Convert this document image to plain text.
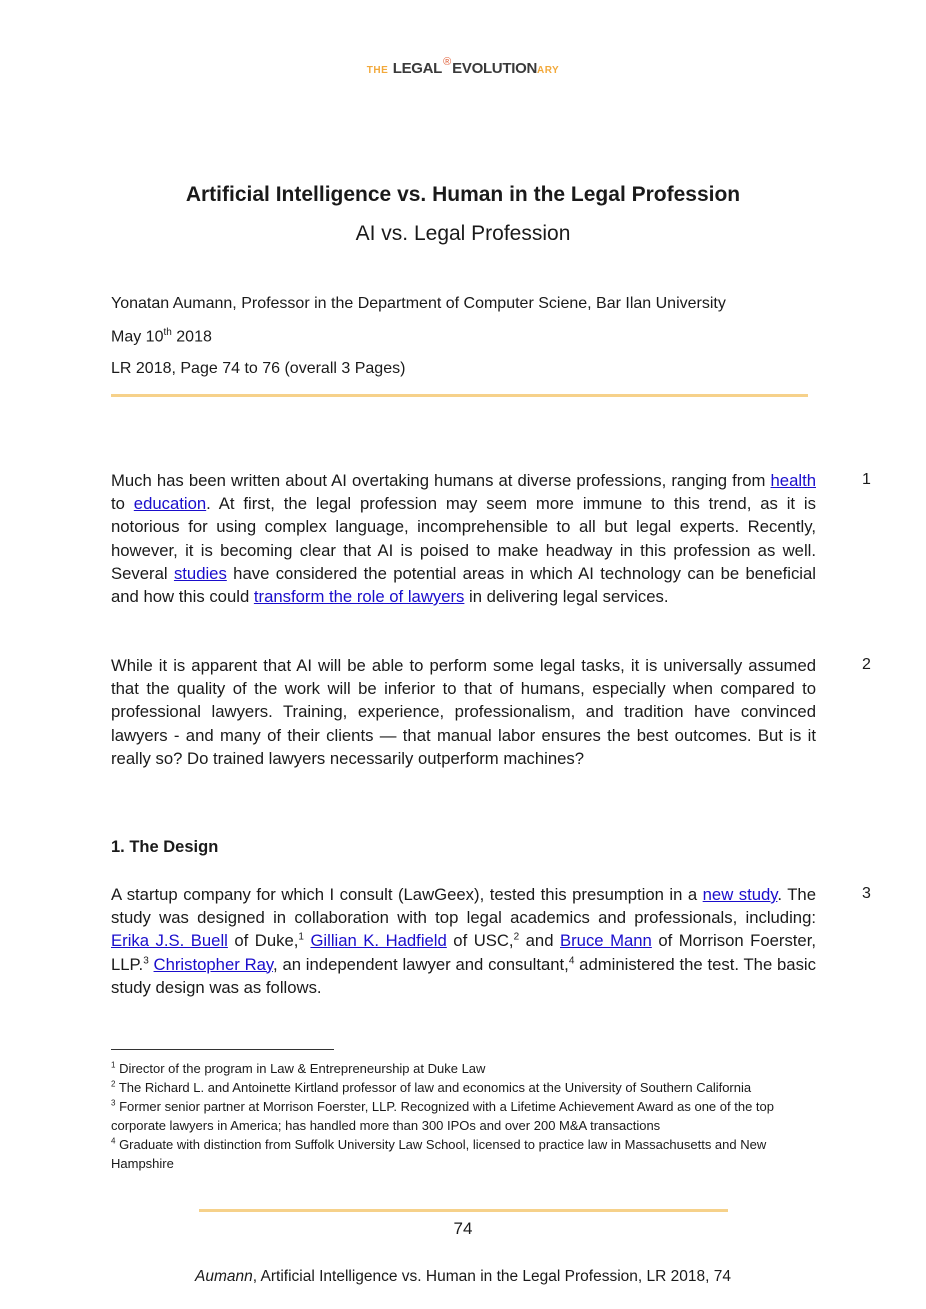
THE LEGAL®EVOLUTIONARY
Artificial Intelligence vs. Human in the Legal Profession
AI vs. Legal Profession
Yonatan Aumann, Professor in the Department of Computer Sciene, Bar Ilan University
May 10th 2018
LR 2018, Page 74 to 76 (overall 3 Pages)
Much has been written about AI overtaking humans at diverse professions, ranging from health to education. At first, the legal profession may seem more immune to this trend, as it is notorious for using complex language, incomprehensible to all but legal experts. Recently, however, it is becoming clear that AI is poised to make headway in this profession as well. Several studies have considered the potential areas in which AI technology can be beneficial and how this could transform the role of lawyers in delivering legal services.
1
While it is apparent that AI will be able to perform some legal tasks, it is universally assumed that the quality of the work will be inferior to that of humans, especially when compared to professional lawyers. Training, experience, professionalism, and tradition have convinced lawyers - and many of their clients — that manual labor ensures the best outcomes. But is it really so? Do trained lawyers necessarily outperform machines?
2
1. The Design
A startup company for which I consult (LawGeex), tested this presumption in a new study. The study was designed in collaboration with top legal academics and professionals, including: Erika J.S. Buell of Duke,$^1$ Gillian K. Hadfield of USC,$^2$ and Bruce Mann of Morrison Foerster, LLP.$^3$ Christopher Ray, an independent lawyer and consultant,$^4$ administered the test. The basic study design was as follows.
3
$^1$ Director of the program in Law & Entrepreneurship at Duke Law
$^2$ The Richard L. and Antoinette Kirtland professor of law and economics at the University of Southern California
$^3$ Former senior partner at Morrison Foerster, LLP. Recognized with a Lifetime Achievement Award as one of the top corporate lawyers in America; has handled more than 300 IPOs and over 200 M&A transactions
$^4$ Graduate with distinction from Suffolk University Law School, licensed to practice law in Massachusetts and New Hampshire
74
Aumann, Artificial Intelligence vs. Human in the Legal Profession, LR 2018, 74
